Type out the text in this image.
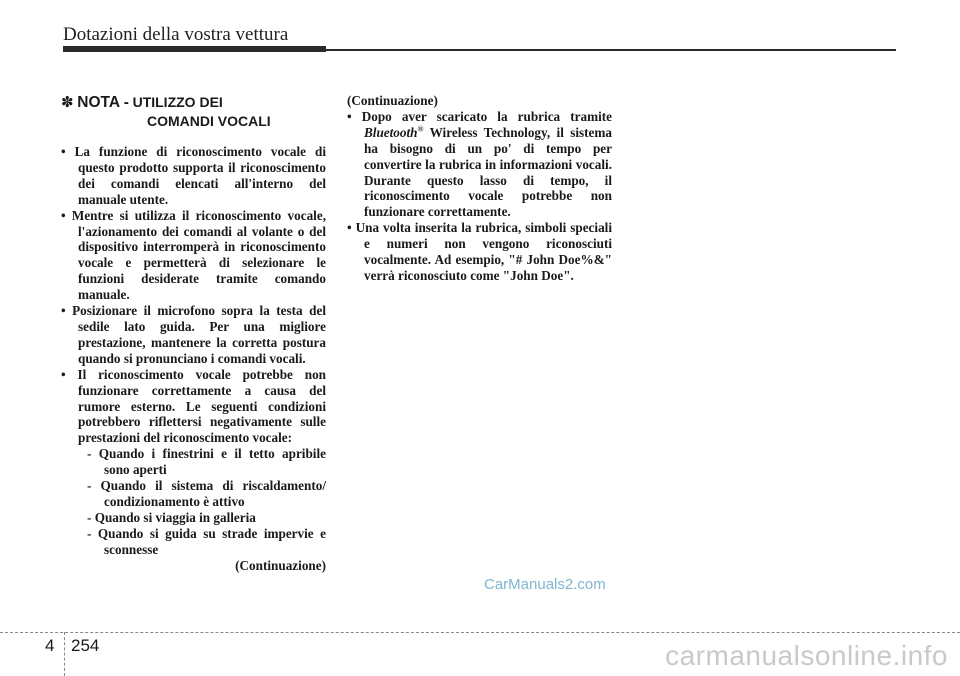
Dotazioni della vostra vettura
✽ NOTA - UTILIZZO DEI
COMANDI VOCALI
• La funzione di riconoscimento vocale di questo prodotto supporta il riconoscimento dei comandi elencati all'interno del manuale utente.
• Mentre si utilizza il riconoscimento vocale, l'azionamento dei comandi al volante o del dispositivo interromperà in riconoscimento vocale e permetterà di selezionare le funzioni desiderate tramite comando manuale.
• Posizionare il microfono sopra la testa del sedile lato guida. Per una migliore prestazione, mantenere la corretta postura quando si pronunciano i comandi vocali.
• Il riconoscimento vocale potrebbe non funzionare correttamente a causa del rumore esterno. Le seguenti condizioni potrebbero riflettersi negativamente sulle prestazioni del riconoscimento vocale:
- Quando i finestrini e il tetto apribile sono aperti
- Quando il sistema di riscaldamento/ condizionamento è attivo
- Quando si viaggia in galleria
- Quando si guida su strade impervie e sconnesse
(Continuazione)
(Continuazione)
• Dopo aver scaricato la rubrica tramite Bluetooth® Wireless Technology, il sistema ha bisogno di un po' di tempo per convertire la rubrica in informazioni vocali. Durante questo lasso di tempo, il riconoscimento vocale potrebbe non funzionare correttamente.
• Una volta inserita la rubrica, simboli speciali e numeri non vengono riconosciuti vocalmente. Ad esempio, "# John Doe%&" verrà riconosciuto come "John Doe".
CarManuals2.com
4 254	carmanualsonline.info
